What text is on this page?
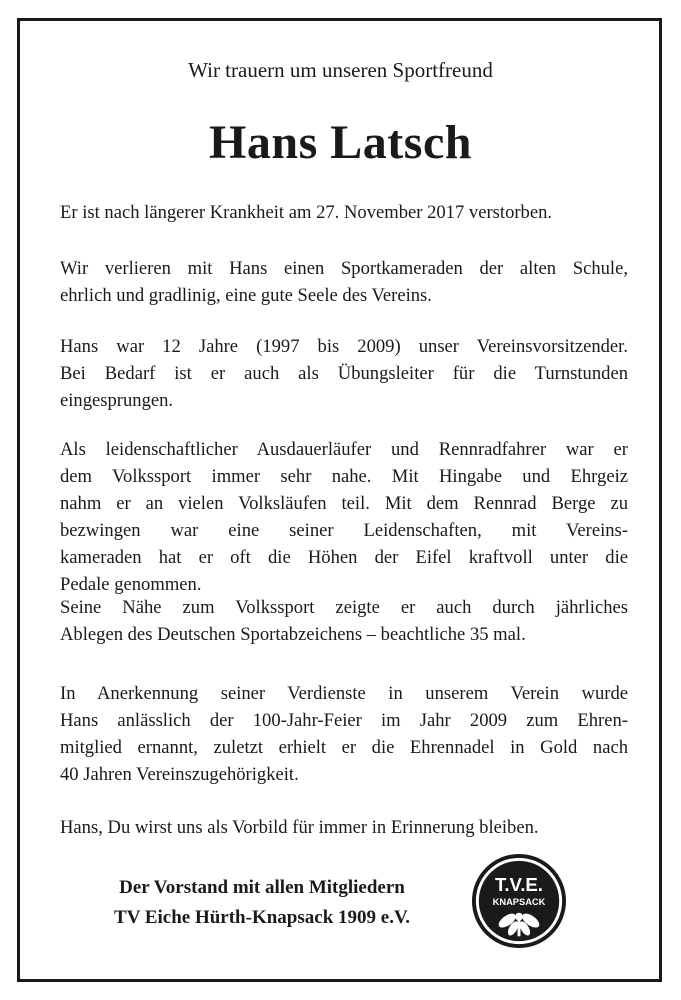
Wir trauern um unseren Sportfreund
Hans Latsch
Er ist nach längerer Krankheit am 27. November 2017 verstorben.
Wir verlieren mit Hans einen Sportkameraden der alten Schule,
ehrlich und gradlinig, eine gute Seele des Vereins.
Hans war 12 Jahre (1997 bis 2009) unser Vereinsvorsitzender.
Bei Bedarf ist er auch als Übungsleiter für die Turnstunden
eingesprungen.
Als leidenschaftlicher Ausdauerläufer und Rennradfahrer war er
dem Volkssport immer sehr nahe. Mit Hingabe und Ehrgeiz
nahm er an vielen Volksläufen teil. Mit dem Rennrad Berge zu
bezwingen war eine seiner Leidenschaften, mit Vereins-
kameraden hat er oft die Höhen der Eifel kraftvoll unter die
Pedale genommen.
Seine Nähe zum Volkssport zeigte er auch durch jährliches
Ablegen des Deutschen Sportabzeichens – beachtliche 35 mal.
In Anerkennung seiner Verdienste in unserem Verein wurde
Hans anlässlich der 100-Jahr-Feier im Jahr 2009 zum Ehren-
mitglied ernannt, zuletzt erhielt er die Ehrennadel in Gold nach
40 Jahren Vereinszugehörigkeit.
Hans, Du wirst uns als Vorbild für immer in Erinnerung bleiben.
Der Vorstand mit allen Mitgliedern
TV Eiche Hürth-Knapsack 1909 e.V.
T.V.E.
KNAPSACK
